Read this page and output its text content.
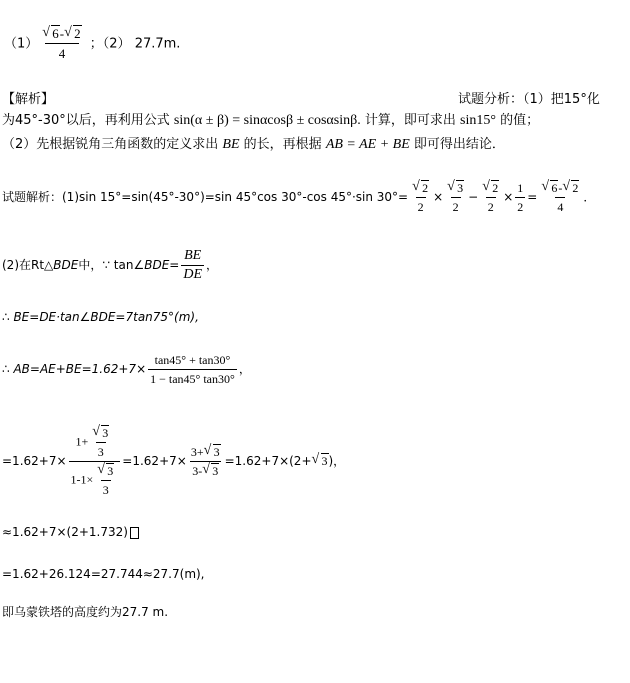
（1）
√ $\frac{6-√ 2}{4}$ ；（2） 27.7m.
【解析】	试题分析：（1）把15°化
为45°-30°以后，再利用公式 sin(α ± β) = sinαcosβ ± cosαsinβ. 计算，即可求出 sin15° 的值；
（2）先根据锐角三角函数的定义求出 BE 的长，再根据 AB = AE + BE 即可得出结论．
试题解析：(1)sin 15°=sin(45°-30°)=sin 45°cos 30°-cos 45°·sin 30°=
√ $\frac{2}{2}$ ×
√ $\frac{3}{2}$ −
√ $\frac{2}{2} \times \frac{1}{2}$ =
√ $\frac{6-√ 2}{4}$ ．
(2)在Rt△BDE中，∵ tan∠BDE= $\frac{BE}{DE}$ ，
∴ BE=DE·tan∠BDE=7tan75°(m),
∴ $AB=AE+BE=1.62+7\times \frac{\tan 45^\circ + \tan 30^\circ}{1 - \tan 45^\circ \tan 30^\circ}$ ，
=1.62+7× 1+
√ $\frac{3}{3}$
1-1×
√ $\frac{3}{3} =1.62+7\times \frac{3+√ 3}{3-√ 3} =1.62+7\times(2+√$ 3)，
≈1.62+7×(2+1.732)
=1.62+26.124=27.744≈27.7(m),
即乌蒙铁塔的高度约为27.7 m.
